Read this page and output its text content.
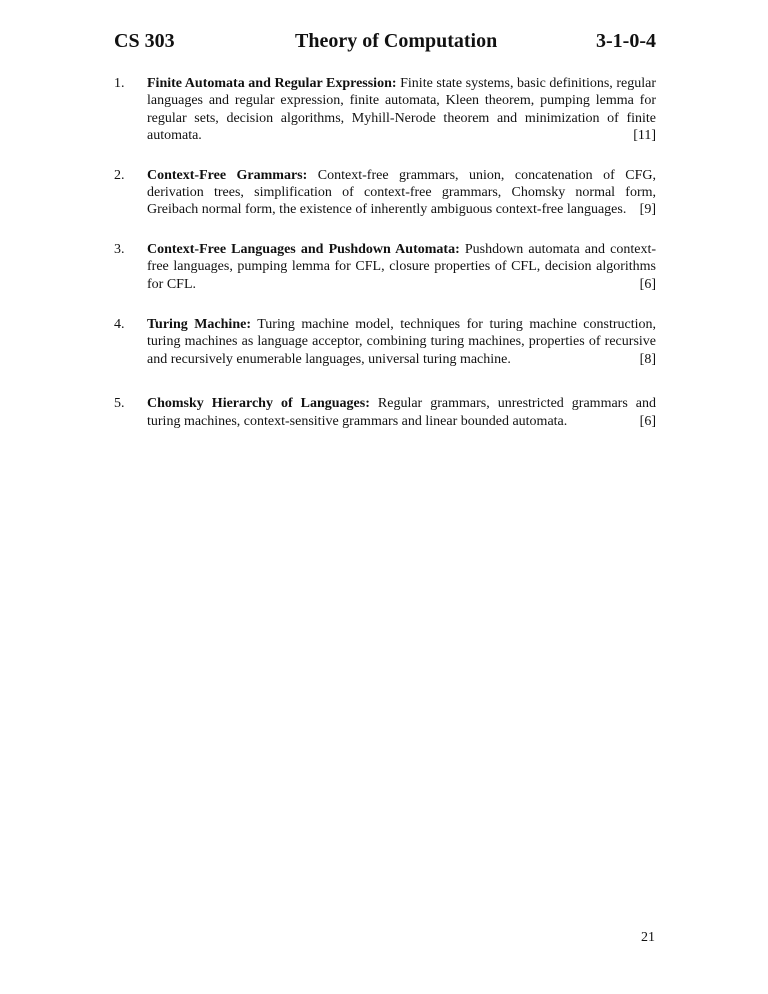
CS 303	Theory of Computation	3-1-0-4
1. Finite Automata and Regular Expression: Finite state systems, basic definitions, regular languages and regular expression, finite automata, Kleen theorem, pumping lemma for regular sets, decision algorithms, Myhill-Nerode theorem and minimization of finite automata.	[11]
2. Context-Free Grammars: Context-free grammars, union, concatenation of CFG, derivation trees, simplification of context-free grammars, Chomsky normal form, Greibach normal form, the existence of inherently ambiguous context-free languages. [9]
3. Context-Free Languages and Pushdown Automata: Pushdown automata and context-free languages, pumping lemma for CFL, closure properties of CFL, decision algorithms for CFL.	[6]
4. Turing Machine: Turing machine model, techniques for turing machine construction, turing machines as language acceptor, combining turing machines, properties of recursive and recursively enumerable languages, universal turing machine.	[8]
5. Chomsky Hierarchy of Languages: Regular grammars, unrestricted grammars and turing machines, context-sensitive grammars and linear bounded automata.	[6]
21
